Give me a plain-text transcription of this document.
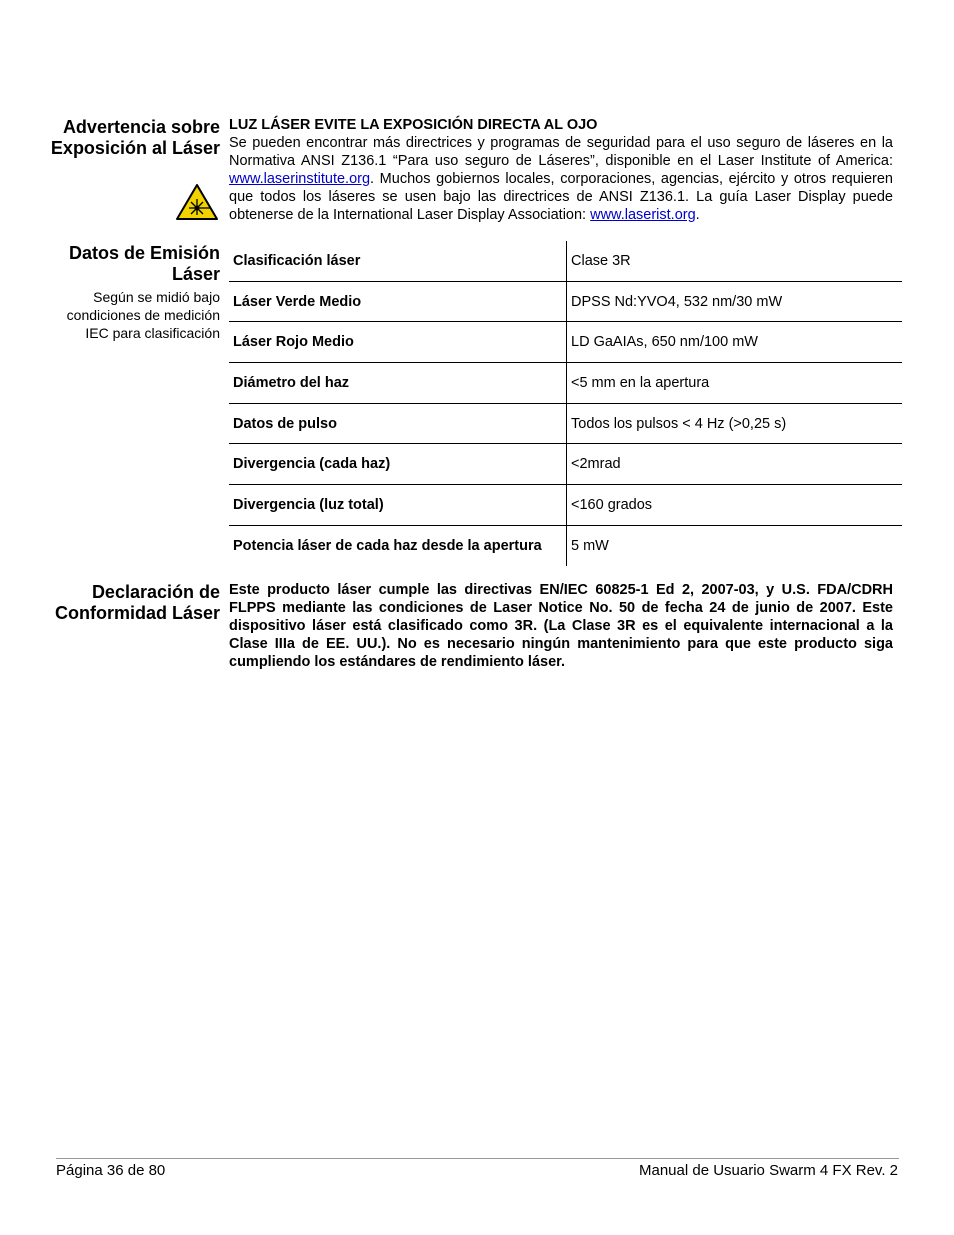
Advertencia sobre Exposición al Láser
LUZ LÁSER EVITE LA EXPOSICIÓN DIRECTA AL OJO
Se pueden encontrar más directrices y programas de seguridad para el uso seguro de láseres en la Normativa ANSI Z136.1 “Para uso seguro de Láseres”, disponible en el Laser Institute of America: www.laserinstitute.org. Muchos gobiernos locales, corporaciones, agencias, ejército y otros requieren que todos los láseres se usen bajo las directrices de ANSI Z136.1. La guía Laser Display puede obtenerse de la International Laser Display Association: www.laserist.org.
Datos de Emisión
Láser
Según se midió bajo condiciones de medición IEC para clasificación
Clasificación láser	Clase 3R
Láser Verde Medio	DPSS Nd:YVO4, 532 nm/30 mW
Láser Rojo Medio	LD GaAIAs, 650 nm/100 mW
Diámetro del haz	<5 mm en la apertura
Datos de pulso	Todos los pulsos < 4 Hz (>0,25 s)
Divergencia (cada haz)	<2mrad
Divergencia (luz total)	<160 grados
Potencia láser de cada haz desde la apertura	5 mW
Declaración de Conformidad Láser
Este producto láser cumple las directivas EN/IEC 60825-1 Ed 2, 2007-03, y U.S. FDA/CDRH FLPPS mediante las condiciones de Laser Notice No. 50 de fecha 24 de junio de 2007. Este dispositivo láser está clasificado como 3R. (La Clase 3R es el equivalente internacional a la Clase IIIa de EE. UU.). No es necesario ningún mantenimiento para que este producto siga cumpliendo los estándares de rendimiento láser.
Página 36 de 80	Manual de Usuario Swarm 4 FX Rev. 2
